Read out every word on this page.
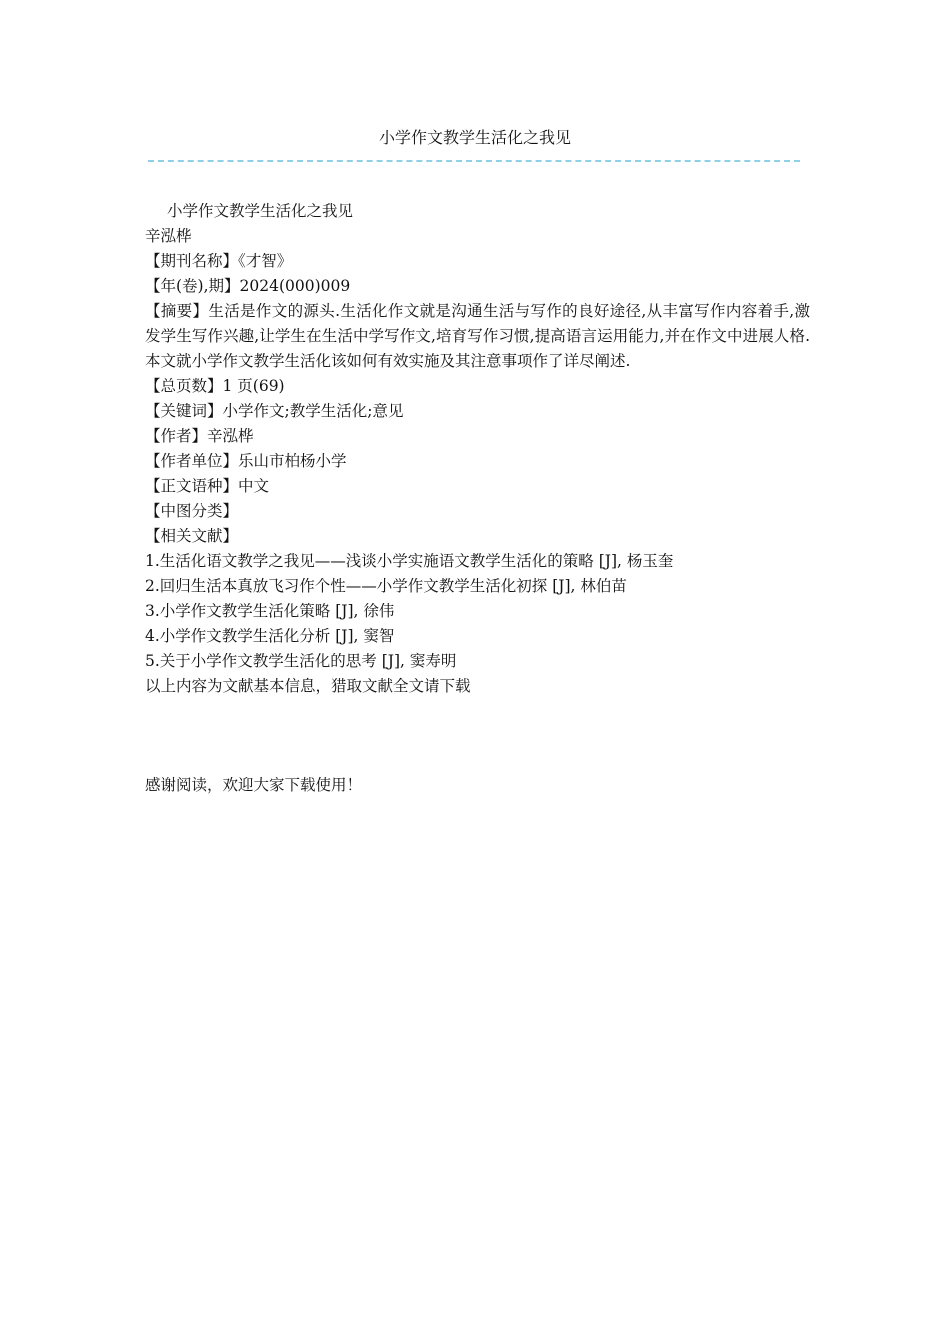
小学作文教学生活化之我见

小学作文教学生活化之我见

辛泓桦

【期刊名称】《才智》

【年(卷),期】2024(000)009

【摘要】生活是作文的源头.生活化作文就是沟通生活与写作的良好途径,从丰富写作内容着手,激发学生写作兴趣,让学生在生活中学写作文,培育写作习惯,提高语言运用能力,并在作文中进展人格.本文就小学作文教学生活化该如何有效实施及其注意事项作了详尽阐述.

【总页数】1 页(69)

【关键词】小学作文;教学生活化;意见

【作者】辛泓桦

【作者单位】乐山市柏杨小学

【正文语种】中文

【中图分类】

【相关文献】

1.生活化语文教学之我见——浅谈小学实施语文教学生活化的策略 [J], 杨玉奎

2.回归生活本真放飞习作个性——小学作文教学生活化初探 [J], 林伯苗

3.小学作文教学生活化策略 [J], 徐伟

4.小学作文教学生活化分析 [J], 窦智

5.关于小学作文教学生活化的思考 [J], 窦寿明

以上内容为文献基本信息，猎取文献全文请下载

感谢阅读，欢迎大家下载使用！
